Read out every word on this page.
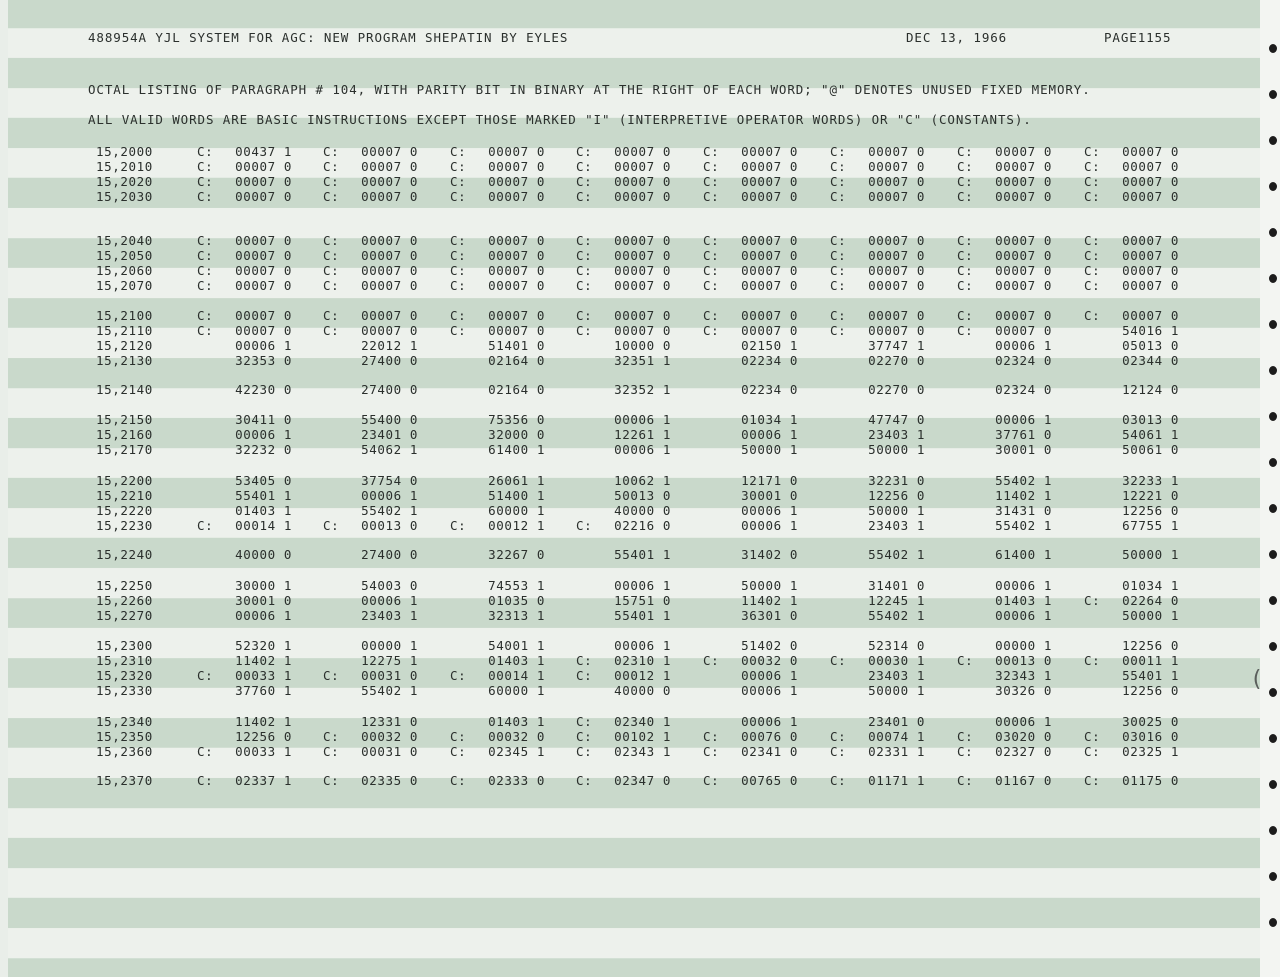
488954A YJL SYSTEM FOR AGC: NEW PROGRAM SHEPATIN BY EYLES	DEC 13, 1966	PAGE1155
OCTAL LISTING OF PARAGRAPH # 104, WITH PARITY BIT IN BINARY AT THE RIGHT OF EACH WORD; "@" DENOTES UNUSED FIXED MEMORY.
ALL VALID WORDS ARE BASIC INSTRUCTIONS EXCEPT THOSE MARKED "I" (INTERPRETIVE OPERATOR WORDS) OR "C" (CONSTANTS).
15,2000	C:	00437 1 C:	00007 0	C:	00007 0 C:	00007 0	C:	00007 0	C:	00007 0	C:	00007 0	C:	00007 0
15,2010	C:	00007 0 C:	00007 0	C:	00007 0 C:	00007 0	C:	00007 0	C:	00007 0	C:	00007 0	C:	00007 0
15,2020	C:	00007 0 C:	00007 0	C:	00007 0 C:	00007 0	C:	00007 0	C:	00007 0	C:	00007 0	C:	00007 0
15,2030	C:	00007 0 C:	00007 0	C:	00007 0 C:	00007 0	C:	00007 0	C:	00007 0	C:	00007 0	C:	00007 0
15,2040	C:	00007 0 C:	00007 0	C:	00007 0 C:	00007 0	C:	00007 0	C:	00007 0	C:	00007 0	C:	00007 0
15,2050	C:	00007 0 C:	00007 0	C:	00007 0 C:	00007 0	C:	00007 0	C:	00007 0	C:	00007 0	C:	00007 0
15,2060	C:	00007 0 C:	00007 0	C:	00007 0 C:	00007 0	C:	00007 0	C:	00007 0	C:	00007 0	C:	00007 0
15,2070	C:	00007 0 C:	00007 0	C:	00007 0 C:	00007 0	C:	00007 0	C:	00007 0	C:	00007 0	C:	00007 0
15,2100	C:	00007 0 C:	00007 0	C:	00007 0 C:	00007 0	C:	00007 0	C:	00007 0	C:	00007 0	C:	00007 0
15,2110	C:	00007 0 C:	00007 0	C:	00007 0 C:	00007 0	C:	00007 0	C:	00007 0	C:	00007 0	54016 1
15,2120	00006 1	22012 1	51401 0	10000 0	02150 1	37747 1	00006 1	05013 0
15,2130	32353 0	27400 0	02164 0	32351 1	02234 0	02270 0	02324 0	02344 0
15,2140	42230 0	27400 0	02164 0	32352 1	02234 0	02270 0	02324 0	12124 0
15,2150	30411 0	55400 0	75356 0	00006 1	01034 1	47747 0	00006 1	03013 0
15,2160	00006 1	23401 0	32000 0	12261 1	00006 1	23403 1	37761 0	54061 1
15,2170	32232 0	54062 1	61400 1	00006 1	50000 1	50000 1	30001 0	50061 0
15,2200	53405 0	37754 0	26061 1	10062 1	12171 0	32231 0	55402 1	32233 1
15,2210	55401 1	00006 1	51400 1	50013 0	30001 0	12256 0	11402 1	12221 0
15,2220	01403 1	55402 1	60000 1	40000 0	00006 1	50000 1	31431 0	12256 0
15,2230	C:	00014 1 C:	00013 0	C:	00012 1 C:	02216 0	00006 1	23403 1	55402 1	67755 1
15,2240	40000 0	27400 0	32267 0	55401 1	31402 0	55402 1	61400 1	50000 1
15,2250	30000 1	54003 0	74553 1	00006 1	50000 1	31401 0	00006 1	01034 1
15,2260	30001 0	00006 1	01035 0	15751 0	11402 1	12245 1	01403 1	C:	02264 0
15,2270	00006 1	23403 1	32313 1	55401 1	36301 0	55402 1	00006 1	50000 1
15,2300	52320 1	00000 1	54001 1	00006 1	51402 0	52314 0	00000 1	12256 0
15,2310	11402 1	12275 1	01403 1 C:	02310 1	C:	00032 0	C:	00030 1	C:	00013 0	C:	00011 1
15,2320	C:	00033 1 C:	00031 0	C:	00014 1 C:	00012 1	00006 1	23403 1	32343 1	55401 1
15,2330	37760 1	55402 1	60000 1	40000 0	00006 1	50000 1	30326 0	12256 0
15,2340	11402 1	12331 0	01403 1 C:	02340 1	00006 1	23401 0	00006 1	30025 0
15,2350	12256 0 C:	00032 0	C:	00032 0 C:	00102 1	C:	00076 0	C:	00074 1	C:	03020 0	C:	03016 0
15,2360	C:	00033 1 C:	00031 0	C:	02345 1 C:	02343 1	C:	02341 0	C:	02331 1	C:	02327 0	C:	02325 1
15,2370	C:	02337 1 C:	02335 0	C:	02333 0 C:	02347 0	C:	00765 0	C:	01171 1	C:	01167 0	C:	01175 0
(
